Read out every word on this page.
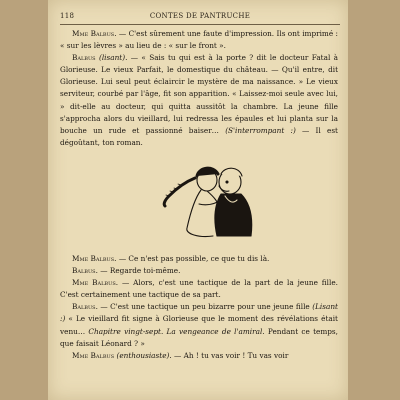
118	CONTES DE PANTRUCHE

Mme Balbus. — C'est sûrement une faute d'impression. Ils ont imprimé : « sur les lèvres » au lieu de : « sur le front ».

Balbus (lisant). — « Sais tu qui est à la porte ? dit le docteur Fatal à Glorieuse. Le vieux Parfait, le domestique du château. — Qu'il entre, dit Glorieuse. Lui seul peut éclaircir le mystère de ma naissance. » Le vieux serviteur, courbé par l'âge, fit son apparition. « Laissez-moi seule avec lui, » dit-elle au docteur, qui quitta aussitôt la chambre. La jeune fille s'approcha alors du vieillard, lui redressa les épaules et lui planta sur la bouche un rude et passionné baiser… (S'interrompant :) — Il est dégoûtant, ton roman.

Mme Balbus. — Ce n'est pas possible, ce que tu dis là.

Balbus. — Regarde toi-même.

Mme Balbus. — Alors, c'est une tactique de la part de la jeune fille. C'est certainement une tactique de sa part.

Balbus. — C'est une tactique un peu bizarre pour une jeune fille (Lisant :) « Le vieillard fit signe à Glorieuse que le moment des révélations était venu… Chapitre vingt-sept. La vengeance de l'amiral. Pendant ce temps, que faisait Léonard ? »

Mme Balbus (enthousiaste). — Ah ! tu vas voir ! Tu vas voir
